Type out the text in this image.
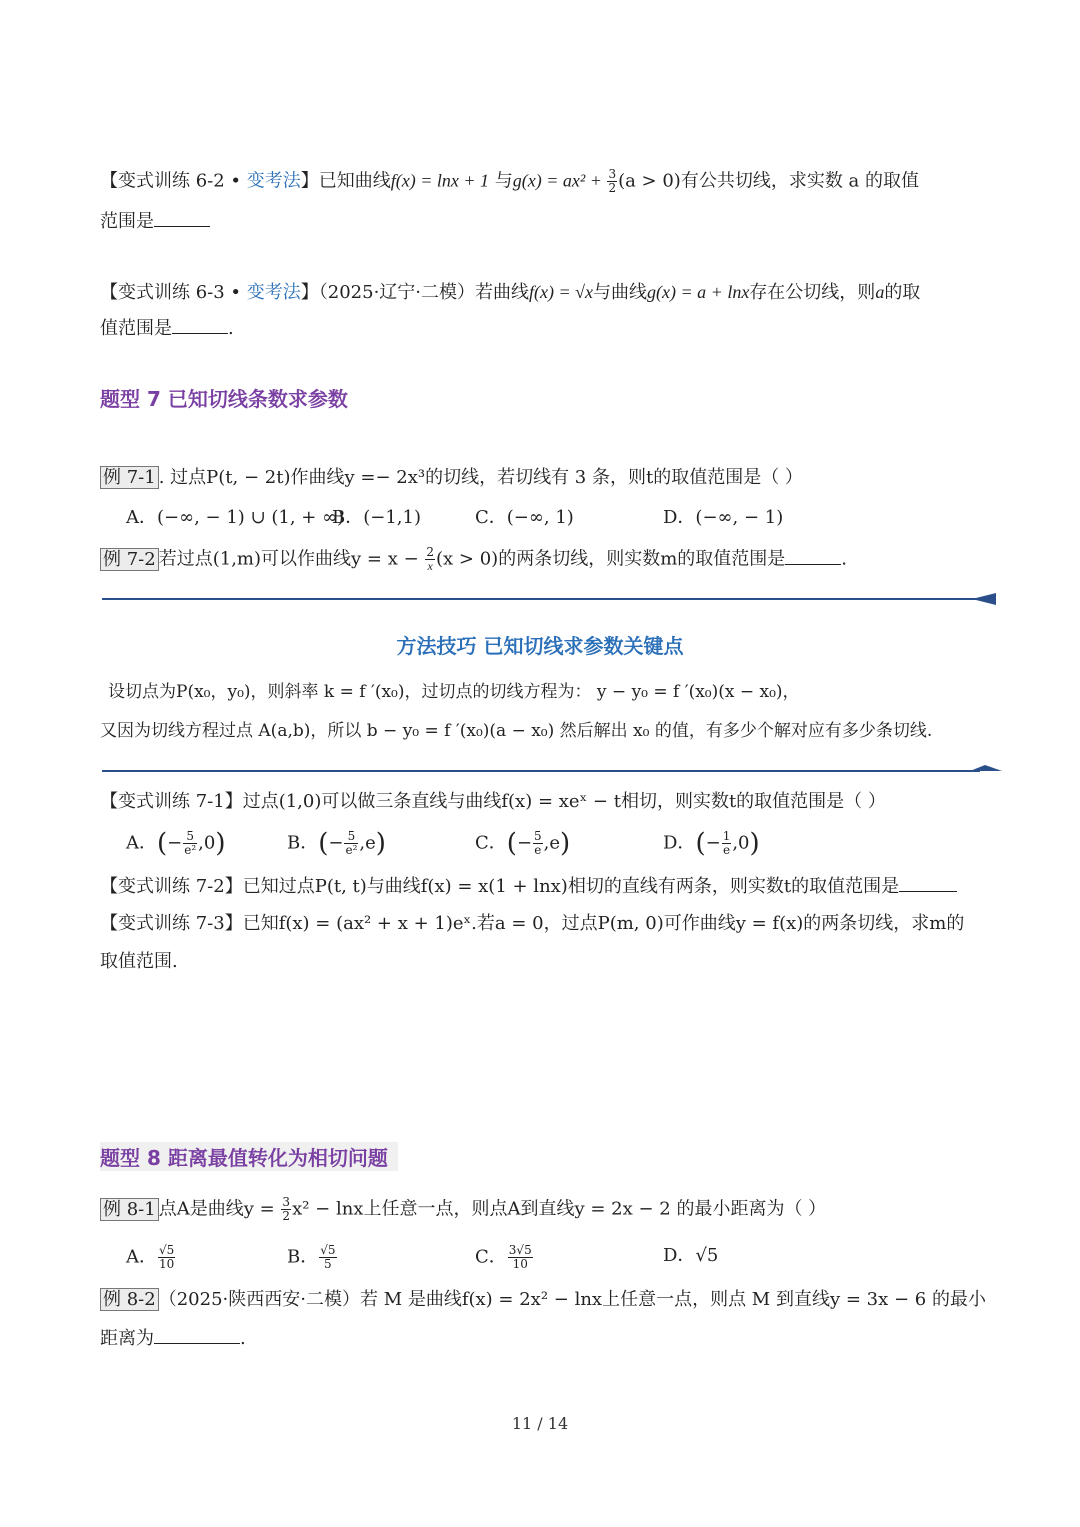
【变式训练 6-2 • 变考法】已知曲线f(x) = lnx + 1 与$g(x) = ax^2 + \frac{3}{2} (a > 0)$有公共切线，求实数 a 的取值
范围是
【变式训练 6-3 • 变考法】（2025·辽宁·二模）若曲线f(x) = √x与曲线g(x) = a + lnx存在公切线，则a的取
值范围是	.
题型 7 已知切线条数求参数
例 7-1 . 过点P(t, − 2t)作曲线y =− 2x³的切线，若切线有 3 条，则t的取值范围是（ ）
A．(−∞, − 1) ∪ (1, + ∞)
B．(−1,1)	C．(−∞, 1)	D．(−∞, − 1)
例 7-2 若过点(1,m)可以作曲线$y = x - \frac{2}{x} (x > 0)$的两条切线，则实数m的取值范围是	.
方法技巧 已知切线求参数关键点
设切点为P(x₀，y₀)，则斜率 k = f ′(x₀)，过切点的切线方程为： y − y₀ = f ′(x₀)(x − x₀)，
又因为切线方程过点 A(a,b)，所以 b − y₀ = f ′(x₀)(a − x₀) 然后解出 x₀ 的值，有多少个解对应有多少条切线.
【变式训练 7-1】过点(1,0)可以做三条直线与曲线f(x) = xeˣ − t相切，则实数t的取值范围是（ ）
A．(− $\frac{5}{\text{e²}} ,0$)	B．(− $\frac{5}{\text{e²}} ,e$)	C．(− $\frac{5}{e} ,e$)	D．(− $\frac{1}{e} ,0$)
【变式训练 7-2】已知过点P(t, t)与曲线f(x) = x(1 + lnx)相切的直线有两条，则实数t的取值范围是
【变式训练 7-3】已知f(x) = (ax² + x + 1)eˣ.若a = 0，过点P(m, 0)可作曲线y = f(x)的两条切线，求m的
取值范围.
题型 8 距离最值转化为相切问题
例 8-1 点A是曲线$y = \frac{3}{2} x^2 - \ln x$上任意一点，则点A到直线y = 2x − 2 的最小距离为（ ）
A． $\frac{√5}{10}$	B． $\frac{√5}{5}$	C． $\frac{3√5}{10}$	D．√5
例 8-2 （2025·陕西西安·二模）若 M 是曲线f(x) = 2x² − lnx上任意一点，则点 M 到直线y = 3x − 6 的最小
距离为	.
11 / 14
